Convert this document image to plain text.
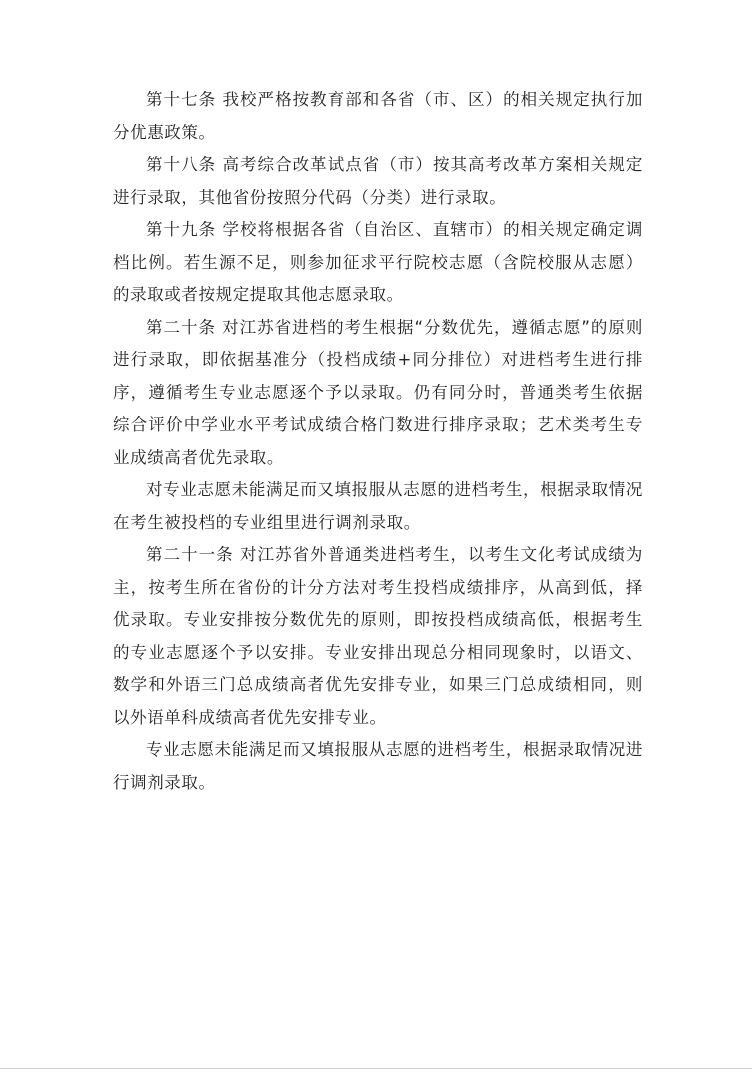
第十七条 我校严格按教育部和各省（市、区）的相关规定执行加分优惠政策。

第十八条 高考综合改革试点省（市）按其高考改革方案相关规定进行录取，其他省份按照分代码（分类）进行录取。

第十九条 学校将根据各省（自治区、直辖市）的相关规定确定调档比例。若生源不足，则参加征求平行院校志愿（含院校服从志愿）的录取或者按规定提取其他志愿录取。

第二十条 对江苏省进档的考生根据“分数优先，遵循志愿”的原则进行录取，即依据基准分（投档成绩+同分排位）对进档考生进行排序，遵循考生专业志愿逐个予以录取。仍有同分时，普通类考生依据综合评价中学业水平考试成绩合格门数进行排序录取；艺术类考生专业成绩高者优先录取。

对专业志愿未能满足而又填报服从志愿的进档考生，根据录取情况在考生被投档的专业组里进行调剂录取。

第二十一条 对江苏省外普通类进档考生，以考生文化考试成绩为主，按考生所在省份的计分方法对考生投档成绩排序，从高到低，择优录取。专业安排按分数优先的原则，即按投档成绩高低，根据考生的专业志愿逐个予以安排。专业安排出现总分相同现象时，以语文、数学和外语三门总成绩高者优先安排专业，如果三门总成绩相同，则以外语单科成绩高者优先安排专业。

专业志愿未能满足而又填报服从志愿的进档考生，根据录取情况进行调剂录取。
